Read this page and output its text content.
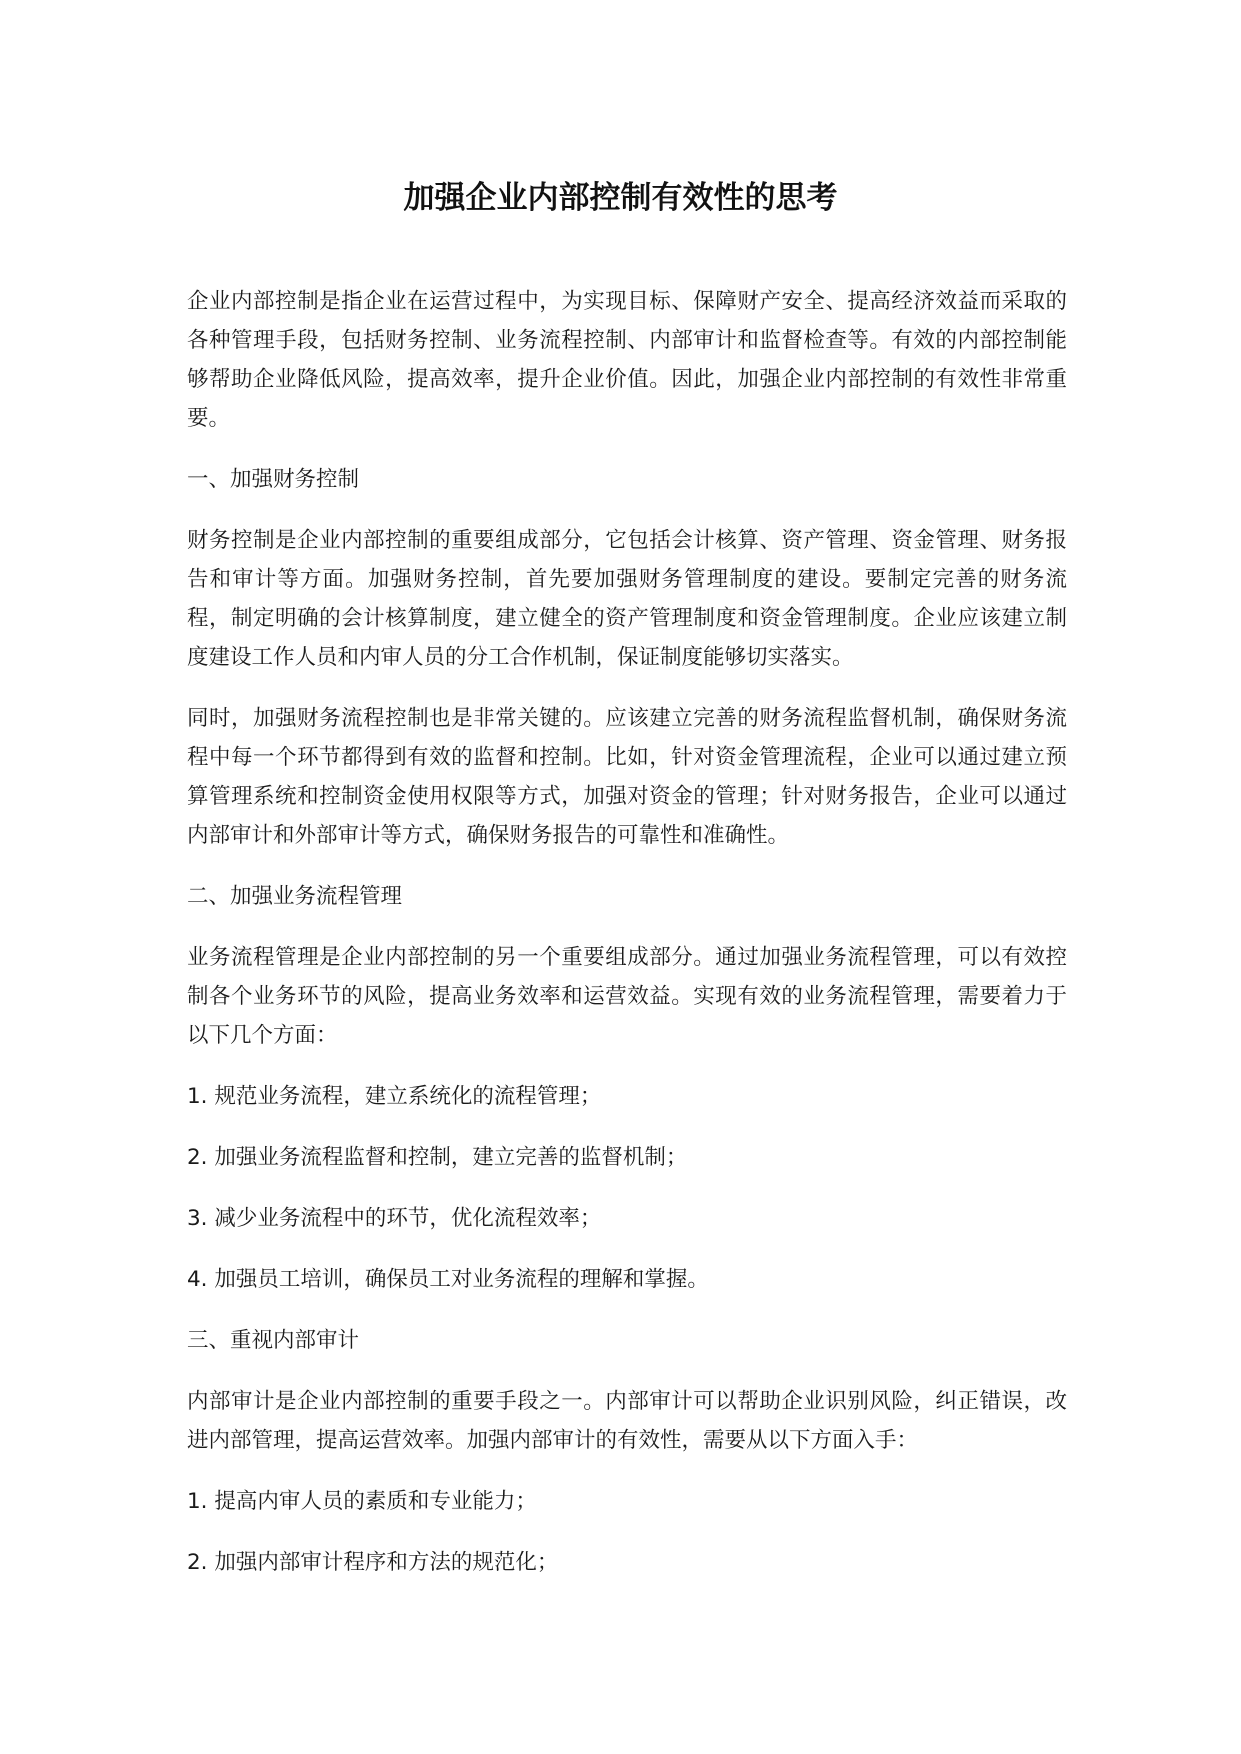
加强企业内部控制有效性的思考

企业内部控制是指企业在运营过程中，为实现目标、保障财产安全、提高经济效益而采取的各种管理手段，包括财务控制、业务流程控制、内部审计和监督检查等。有效的内部控制能够帮助企业降低风险，提高效率，提升企业价值。因此，加强企业内部控制的有效性非常重要。

一、加强财务控制

财务控制是企业内部控制的重要组成部分，它包括会计核算、资产管理、资金管理、财务报告和审计等方面。加强财务控制，首先要加强财务管理制度的建设。要制定完善的财务流程，制定明确的会计核算制度，建立健全的资产管理制度和资金管理制度。企业应该建立制度建设工作人员和内审人员的分工合作机制，保证制度能够切实落实。

同时，加强财务流程控制也是非常关键的。应该建立完善的财务流程监督机制，确保财务流程中每一个环节都得到有效的监督和控制。比如，针对资金管理流程，企业可以通过建立预算管理系统和控制资金使用权限等方式，加强对资金的管理；针对财务报告，企业可以通过内部审计和外部审计等方式，确保财务报告的可靠性和准确性。

二、加强业务流程管理

业务流程管理是企业内部控制的另一个重要组成部分。通过加强业务流程管理，可以有效控制各个业务环节的风险，提高业务效率和运营效益。实现有效的业务流程管理，需要着力于以下几个方面：

1. 规范业务流程，建立系统化的流程管理；
2. 加强业务流程监督和控制，建立完善的监督机制；
3. 减少业务流程中的环节，优化流程效率；
4. 加强员工培训，确保员工对业务流程的理解和掌握。
三、重视内部审计

内部审计是企业内部控制的重要手段之一。内部审计可以帮助企业识别风险，纠正错误，改进内部管理，提高运营效率。加强内部审计的有效性，需要从以下方面入手：

1. 提高内审人员的素质和专业能力；
2. 加强内部审计程序和方法的规范化；
